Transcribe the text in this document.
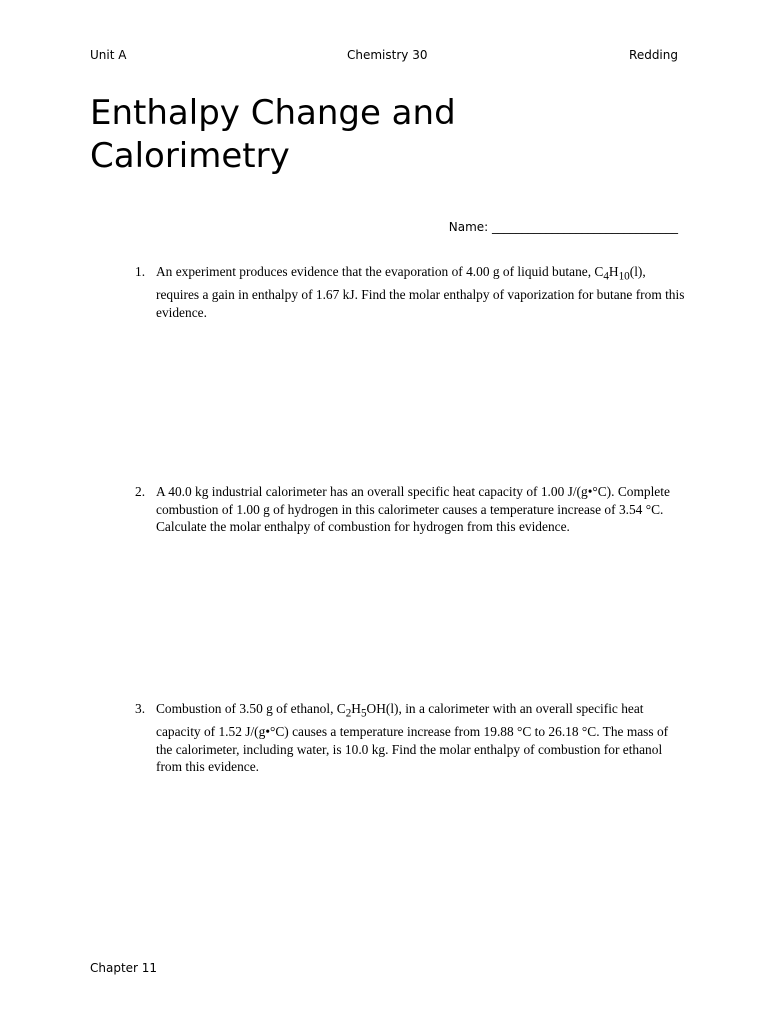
Unit A	Chemistry 30	Redding
Enthalpy Change and
Calorimetry
Name: _______________________________
1. An experiment produces evidence that the evaporation of 4.00 g of liquid butane, $C_4H_{10}(l)$, requires a gain in enthalpy of 1.67 kJ. Find the molar enthalpy of vaporization for butane from this evidence.
2. A 40.0 kg industrial calorimeter has an overall specific heat capacity of 1.00 J/(g•°C). Complete combustion of 1.00 g of hydrogen in this calorimeter causes a temperature increase of 3.54 °C. Calculate the molar enthalpy of combustion for hydrogen from this evidence.
3. Combustion of 3.50 g of ethanol, $C_2H_5OH(l)$, in a calorimeter with an overall specific heat capacity of 1.52 J/(g•°C) causes a temperature increase from 19.88 °C to 26.18 °C. The mass of the calorimeter, including water, is 10.0 kg. Find the molar enthalpy of combustion for ethanol from this evidence.
Chapter 11
